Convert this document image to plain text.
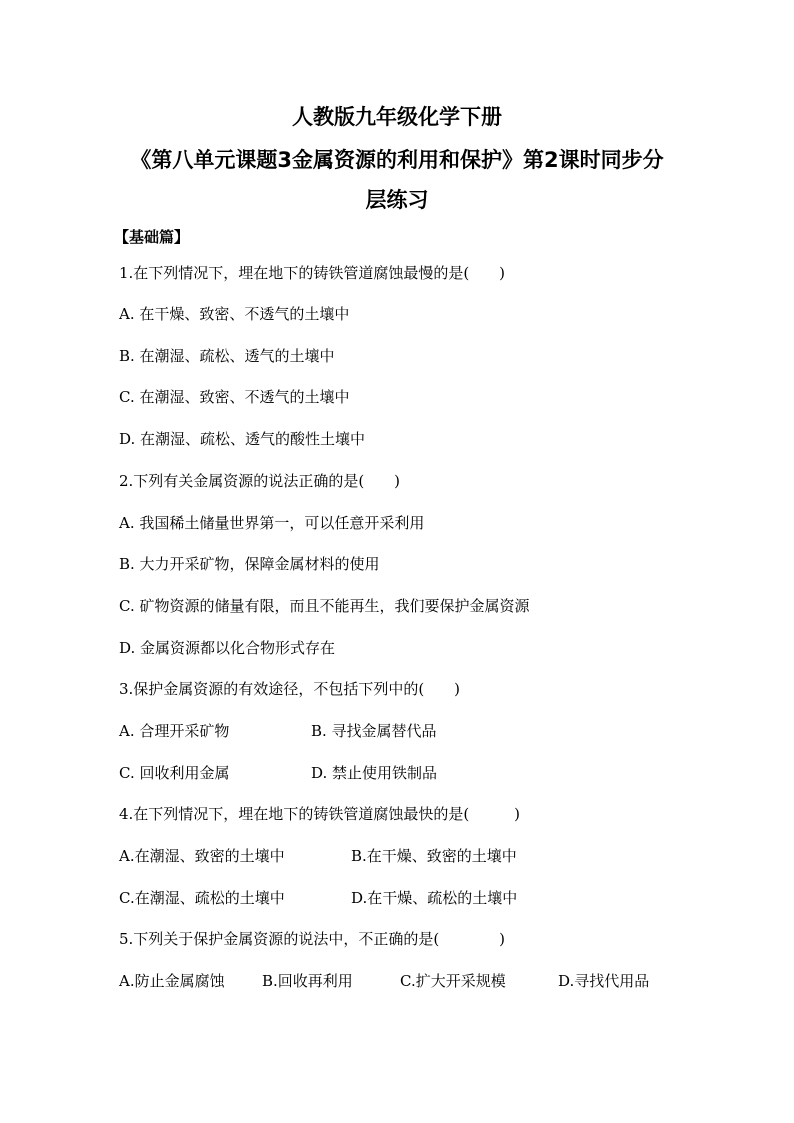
人教版九年级化学下册
《第八单元课题3金属资源的利用和保护》第2课时同步分
层练习
【基础篇】
1.在下列情况下，埋在地下的铸铁管道腐蚀最慢的是(　　)
A. 在干燥、致密、不透气的土壤中
B. 在潮湿、疏松、透气的土壤中
C. 在潮湿、致密、不透气的土壤中
D. 在潮湿、疏松、透气的酸性土壤中
2.下列有关金属资源的说法正确的是(　　)
A. 我国稀土储量世界第一，可以任意开采利用
B. 大力开采矿物，保障金属材料的使用
C. 矿物资源的储量有限，而且不能再生，我们要保护金属资源
D. 金属资源都以化合物形式存在
3.保护金属资源的有效途径，不包括下列中的(　　)
A. 合理开采矿物	B. 寻找金属替代品
C. 回收利用金属	D. 禁止使用铁制品
4.在下列情况下，埋在地下的铸铁管道腐蚀最快的是(　　　)
A.在潮湿、致密的土壤中	B.在干燥、致密的土壤中
C.在潮湿、疏松的土壤中	D.在干燥、疏松的土壤中
5.下列关于保护金属资源的说法中，不正确的是(　　　　)
A.防止金属腐蚀 B.回收再利用	C.扩大开采规模	D.寻找代用品
